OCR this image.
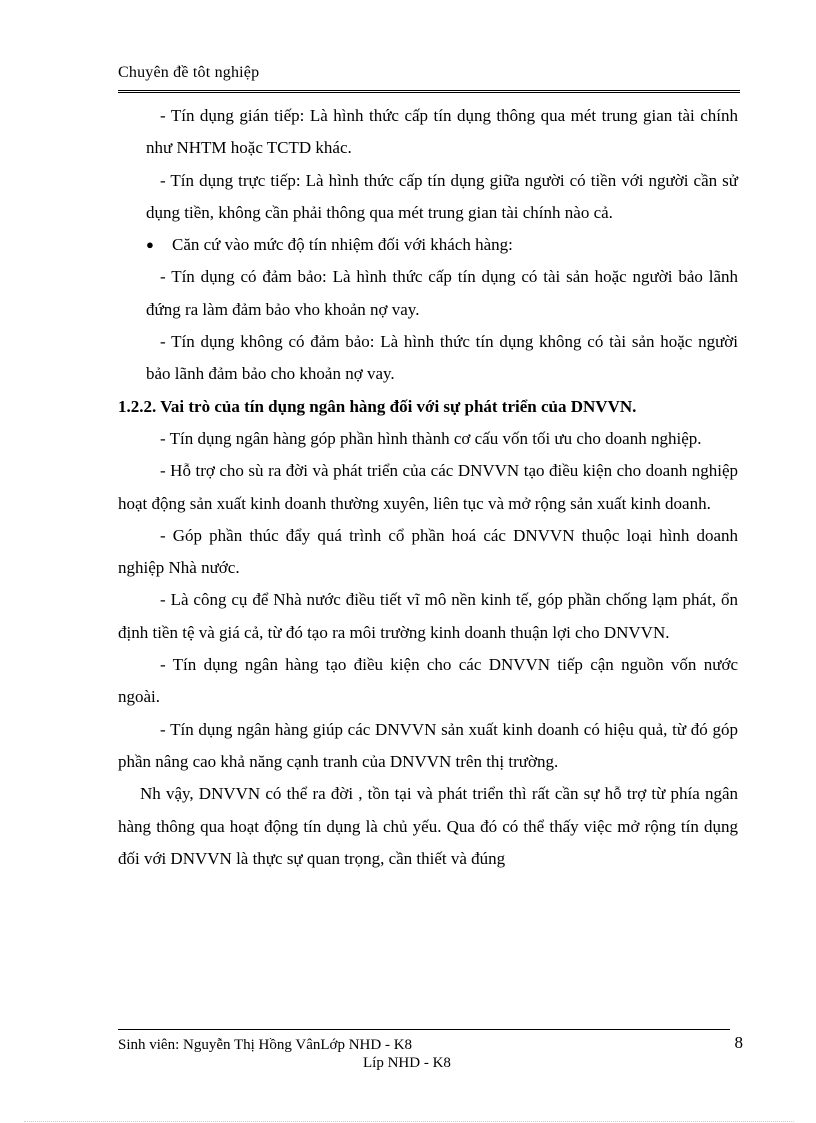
Chuyên đề tôt nghiệp

- Tín dụng gián tiếp: Là hình thức cấp tín dụng thông qua mét trung gian tài chính như NHTM hoặc TCTD khác.

- Tín dụng trực tiếp: Là hình thức cấp tín dụng giữa người có tiền với người cần sử dụng tiền, không cần phải thông qua mét trung gian tài chính nào cả.

● Căn cứ vào mức độ tín nhiệm đối với khách hàng:

- Tín dụng có đảm bảo: Là hình thức cấp tín dụng có tài sản hoặc người bảo lãnh đứng ra làm đảm bảo vho khoản nợ vay.

- Tín dụng không có đảm bảo: Là hình thức tín dụng không có tài sản hoặc người bảo lãnh đảm bảo cho khoản nợ vay.

1.2.2. Vai trò của tín dụng ngân hàng đối với sự phát triển của DNVVN.

- Tín dụng ngân hàng góp phần hình thành cơ cấu vốn tối ưu cho doanh nghiệp.

- Hỗ trợ cho sù ra đời và phát triển của các DNVVN tạo điều kiện cho doanh nghiệp hoạt động sản xuất kinh doanh thường xuyên, liên tục và mở rộng sản xuất kinh doanh.

- Góp phần thúc đẩy quá trình cổ phần hoá các DNVVN thuộc loại hình doanh nghiệp Nhà nước.

- Là công cụ để Nhà nước điều tiết vĩ mô nền kinh tế, góp phần chống lạm phát, ổn định tiền tệ và giá cả, từ đó tạo ra môi trường kinh doanh thuận lợi cho DNVVN.

- Tín dụng ngân hàng tạo điều kiện cho các DNVVN tiếp cận nguồn vốn nước ngoài.

- Tín dụng ngân hàng giúp các DNVVN sản xuất kinh doanh có hiệu quả, từ đó góp phần nâng cao khả năng cạnh tranh của DNVVN trên thị trường.

Nh vậy, DNVVN có thể ra đời , tồn tại và phát triển thì rất cần sự hỗ trợ từ phía ngân hàng thông qua hoạt động tín dụng là chủ yếu. Qua đó có thể thấy việc mở rộng tín dụng đối với DNVVN là thực sự quan trọng, cần thiết và đúng

Sinh viên: Nguyễn Thị Hồng VânLớp NHD - K8	8
Líp NHD - K8
